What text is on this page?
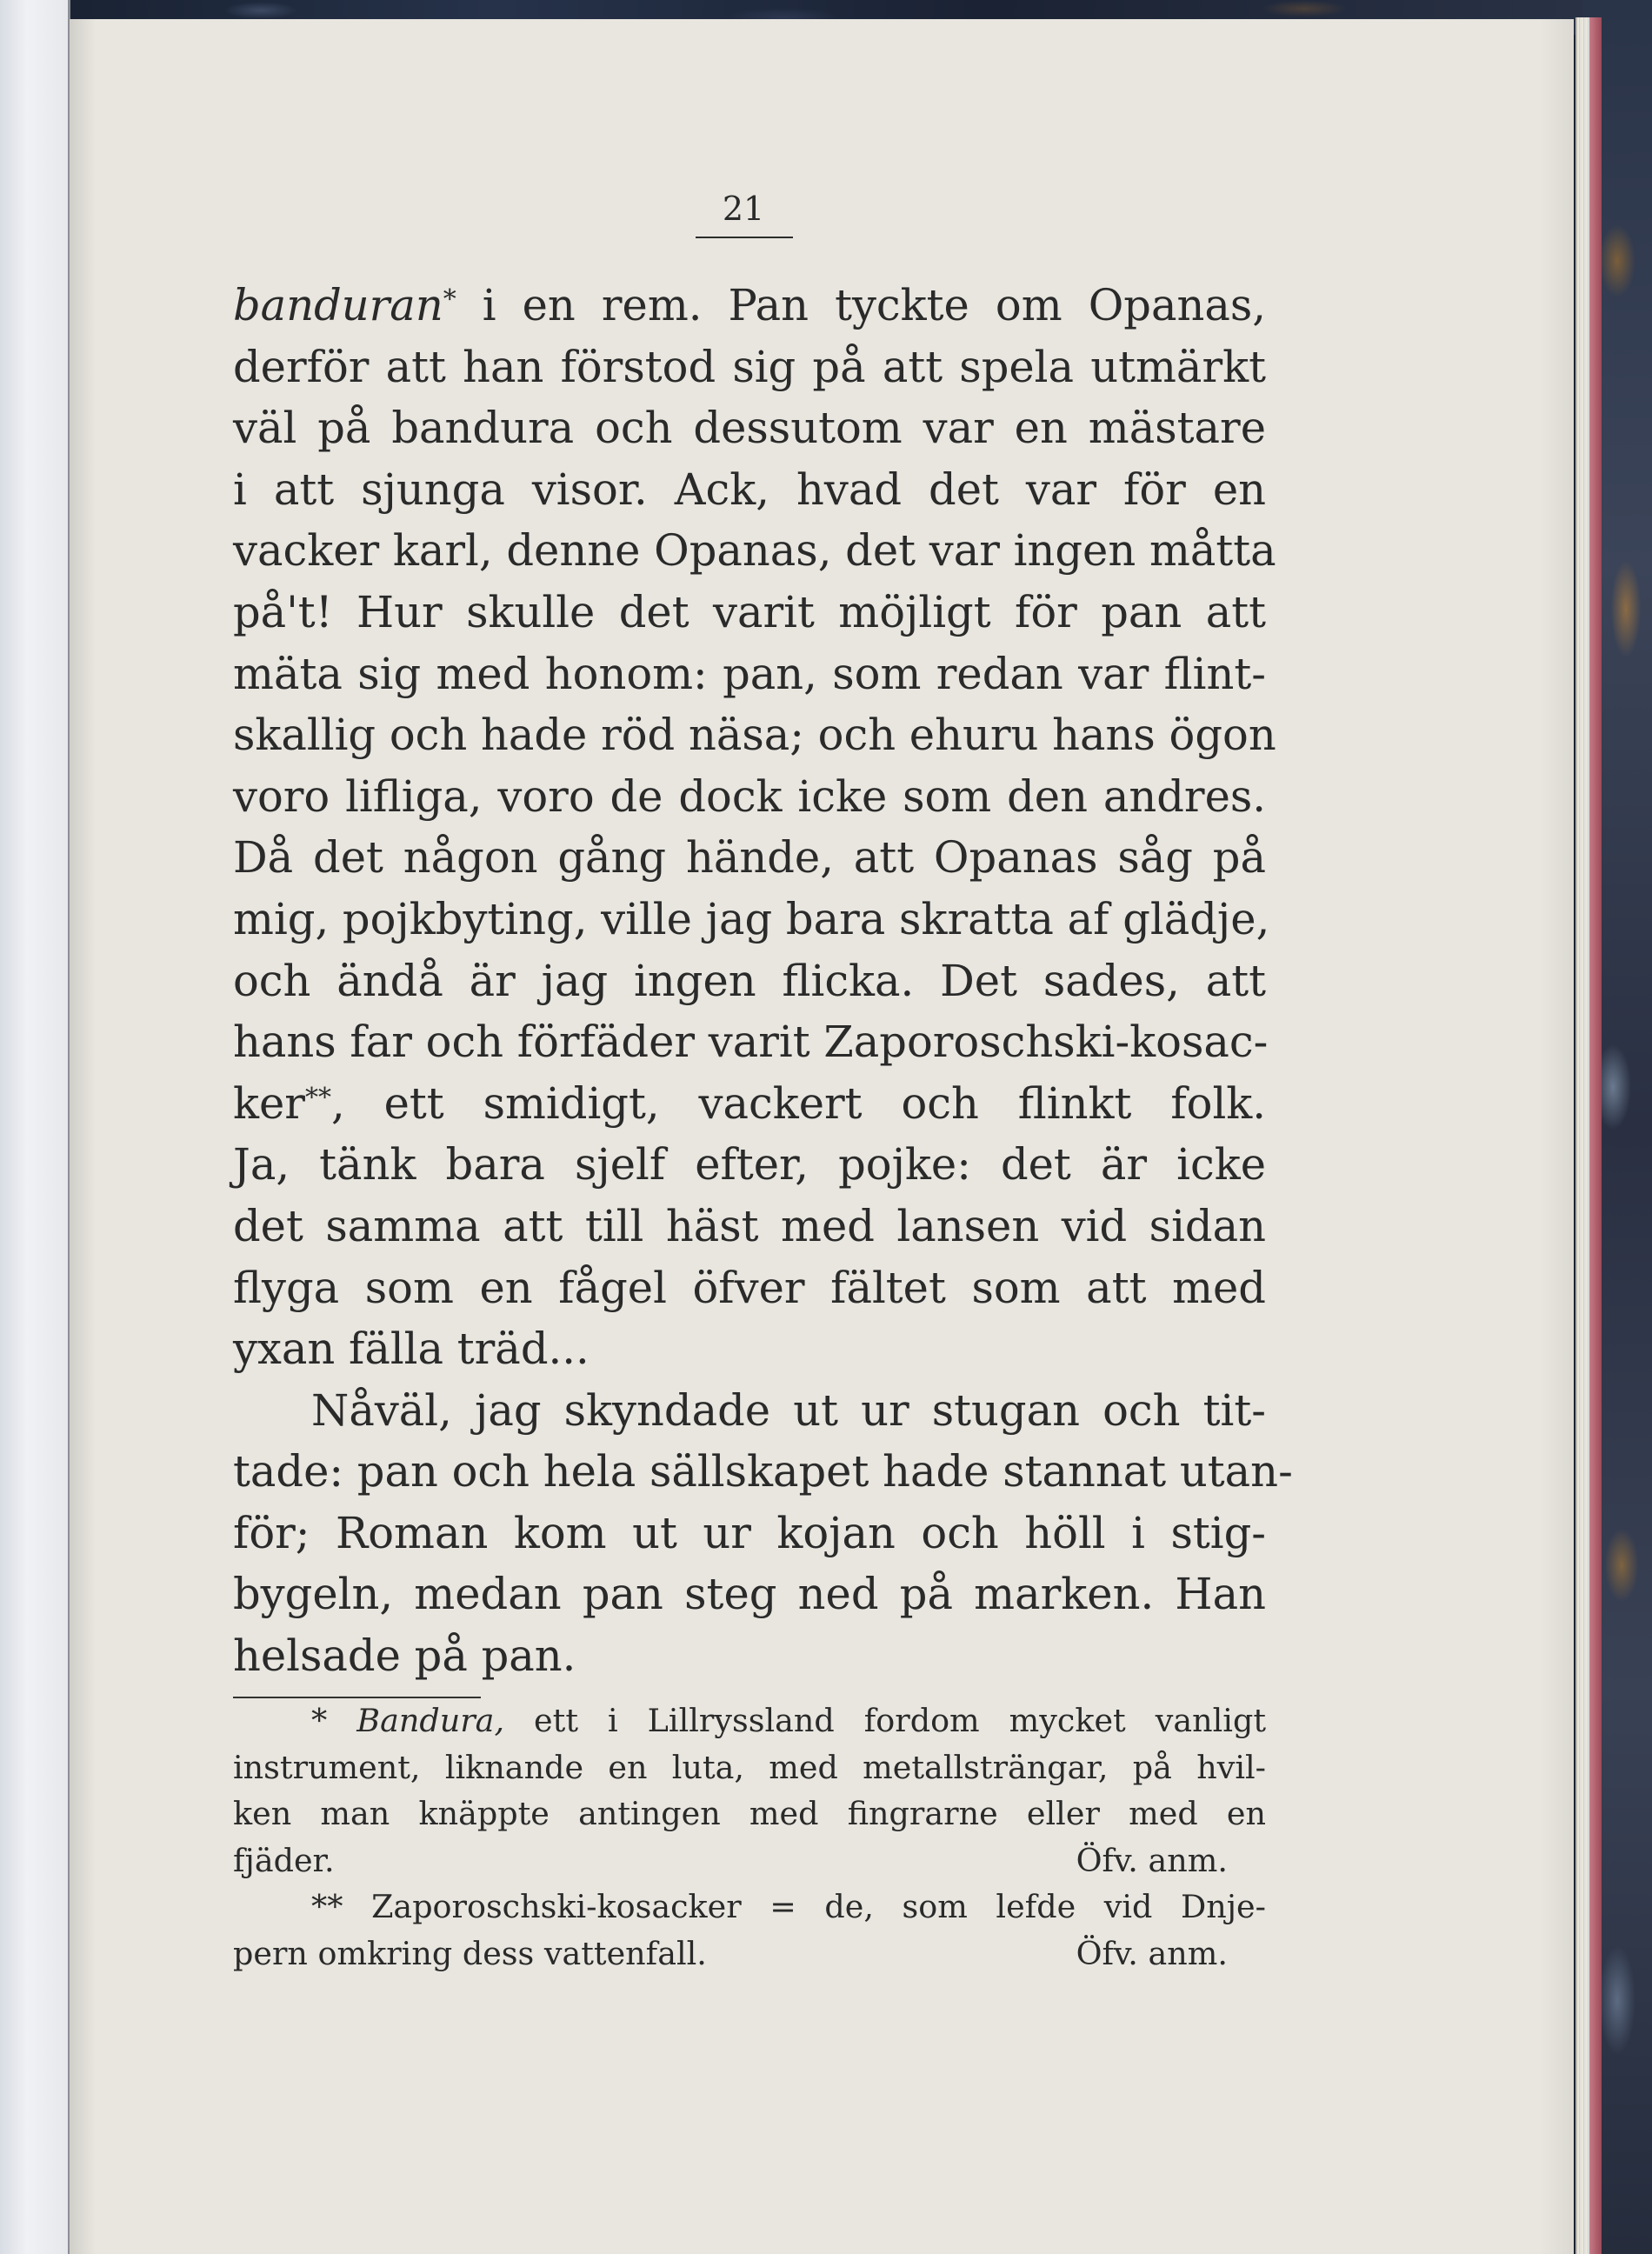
21
banduran* i en rem. Pan tyckte om Opanas,
derför att han förstod sig på att spela utmärkt
väl på bandura och dessutom var en mästare
i att sjunga visor. Ack, hvad det var för en
vacker karl, denne Opanas, det var ingen måtta
på't! Hur skulle det varit möjligt för pan att
mäta sig med honom: pan, som redan var flint-
skallig och hade röd näsa; och ehuru hans ögon
voro lifliga, voro de dock icke som den andres.
Då det någon gång hände, att Opanas såg på
mig, pojkbyting, ville jag bara skratta af glädje,
och ändå är jag ingen flicka. Det sades, att
hans far och förfäder varit Zaporoschski-kosac-
ker**, ett smidigt, vackert och flinkt folk.
Ja, tänk bara sjelf efter, pojke: det är icke
det samma att till häst med lansen vid sidan
flyga som en fågel öfver fältet som att med
yxan fälla träd...
Nåväl, jag skyndade ut ur stugan och tit-
tade: pan och hela sällskapet hade stannat utan-
för; Roman kom ut ur kojan och höll i stig-
bygeln, medan pan steg ned på marken. Han
helsade på pan.
* Bandura, ett i Lillryssland fordom mycket vanligt
instrument, liknande en luta, med metallsträngar, på hvil-
ken man knäppte antingen med fingrarne eller med en
fjäder.	Öfv. anm.
** Zaporoschski-kosacker = de, som lefde vid Dnje-
pern omkring dess vattenfall.	Öfv. anm.
